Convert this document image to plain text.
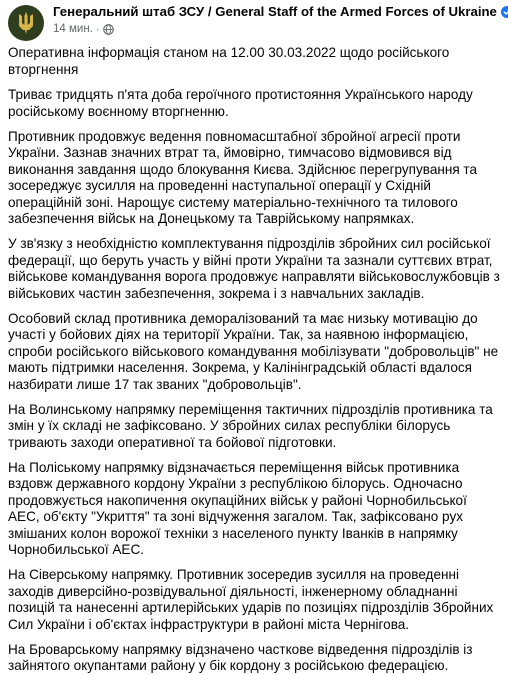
Генеральний штаб ЗСУ / General Staff of the Armed Forces of Ukraine
14 мин. ·

Оперативна інформація станом на 12.00 30.03.2022 щодо російського вторгнення

Триває тридцять п'ята доба героїчного протистояння Українського народу російському воєнному вторгненню.

Противник продовжує ведення повномасштабної збройної агресії проти України. Зазнав значних втрат та, ймовірно, тимчасово відмовився від виконання завдання щодо блокування Києва. Здійснює перегрупування та зосереджує зусилля на проведенні наступальної операції у Східній операційній зоні. Нарощує систему матеріально-технічного та тилового забезпечення військ на Донецькому та Таврійському напрямках.

У зв'язку з необхідністю комплектування підрозділів збройних сил російської федерації, що беруть участь у війні проти України та зазнали суттєвих втрат, військове командування ворога продовжує направляти військовослужбовців з військових частин забезпечення, зокрема і з навчальних закладів.

Особовий склад противника деморалізований та має низьку мотивацію до участі у бойових діях на території України. Так, за наявною інформацією, спроби російського військового командування мобілізувати "добровольців" не мають підтримки населення. Зокрема, у Калінінградській області вдалося назбирати лише 17 так званих "добровольців".

На Волинському напрямку переміщення тактичних підрозділів противника та змін у їх складі не зафіксовано. У збройних силах республіки білорусь тривають заходи оперативної та бойової підготовки.

На Поліському напрямку відзначається переміщення військ противника вздовж державного кордону України з республікою білорусь. Одночасно продовжується накопичення окупаційних військ у районі Чорнобильської АЕС, об'єкту "Укриття" та зоні відчуження загалом. Так, зафіксовано рух змішаних колон ворожої техніки з населеного пункту Іванків в напрямку Чорнобильської АЕС.

На Сіверському напрямку. Противник зосередив зусилля на проведенні заходів диверсійно-розвідувальної діяльності, інженерному обладнанні позицій та нанесенні артилерійських ударів по позиціях підрозділів Збройних Сил України і об'єктах інфраструктури в районі міста Чернігова.

На Броварському напрямку відзначено часткове відведення підрозділів із зайнятого окупантами району у бік кордону з російською федерацією.
